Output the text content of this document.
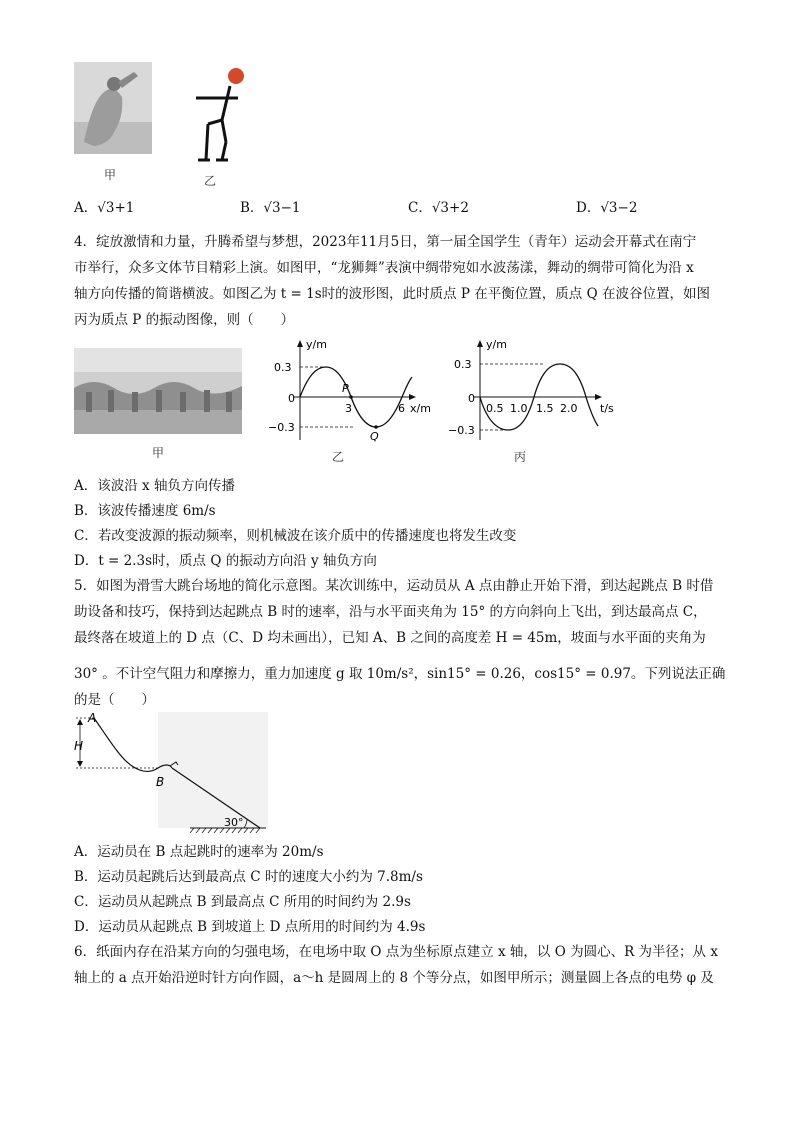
甲	乙
A．√3+1	B．√3−1	C．√3+2	D．√3−2
4．绽放激情和力量，升腾希望与梦想，2023年11月5日，第一届全国学生（青年）运动会开幕式在南宁
市举行，众多文体节目精彩上演。如图甲，“龙狮舞”表演中绸带宛如水波荡漾，舞动的绸带可简化为沿 x
轴方向传播的简谐横波。如图乙为 t = 1s时的波形图，此时质点 P 在平衡位置，质点 Q 在波谷位置，如图
丙为质点 P 的振动图像，则（　　）
甲
y/m
x/m
0
0.3
−0.3
3	6
P
Q
乙
y/m
t/s
0
0.3
−0.3
0.5 1.0 1.5 2.0
丙
A．该波沿 x 轴负方向传播
B．该波传播速度 6m/s
C．若改变波源的振动频率，则机械波在该介质中的传播速度也将发生改变
D．t = 2.3s时，质点 Q 的振动方向沿 y 轴负方向
5．如图为滑雪大跳台场地的简化示意图。某次训练中，运动员从 A 点由静止开始下滑，到达起跳点 B 时借
助设备和技巧，保持到达起跳点 B 时的速率，沿与水平面夹角为 15° 的方向斜向上飞出，到达最高点 C，
最终落在坡道上的 D 点（C、D 均未画出），已知 A、B 之间的高度差 H = 45m，坡面与水平面的夹角为
30° 。不计空气阻力和摩擦力，重力加速度 g 取 10m/s²，sin15° = 0.26，cos15° = 0.97。下列说法正确
的是（　　）
A
H
B
30°
A．运动员在 B 点起跳时的速率为 20m/s
B．运动员起跳后达到最高点 C 时的速度大小约为 7.8m/s
C．运动员从起跳点 B 到最高点 C 所用的时间约为 2.9s
D．运动员从起跳点 B 到坡道上 D 点所用的时间约为 4.9s
6．纸面内存在沿某方向的匀强电场，在电场中取 O 点为坐标原点建立 x 轴，以 O 为圆心、R 为半径；从 x
轴上的 a 点开始沿逆时针方向作圆，a～h 是圆周上的 8 个等分点，如图甲所示；测量圆上各点的电势 φ 及
